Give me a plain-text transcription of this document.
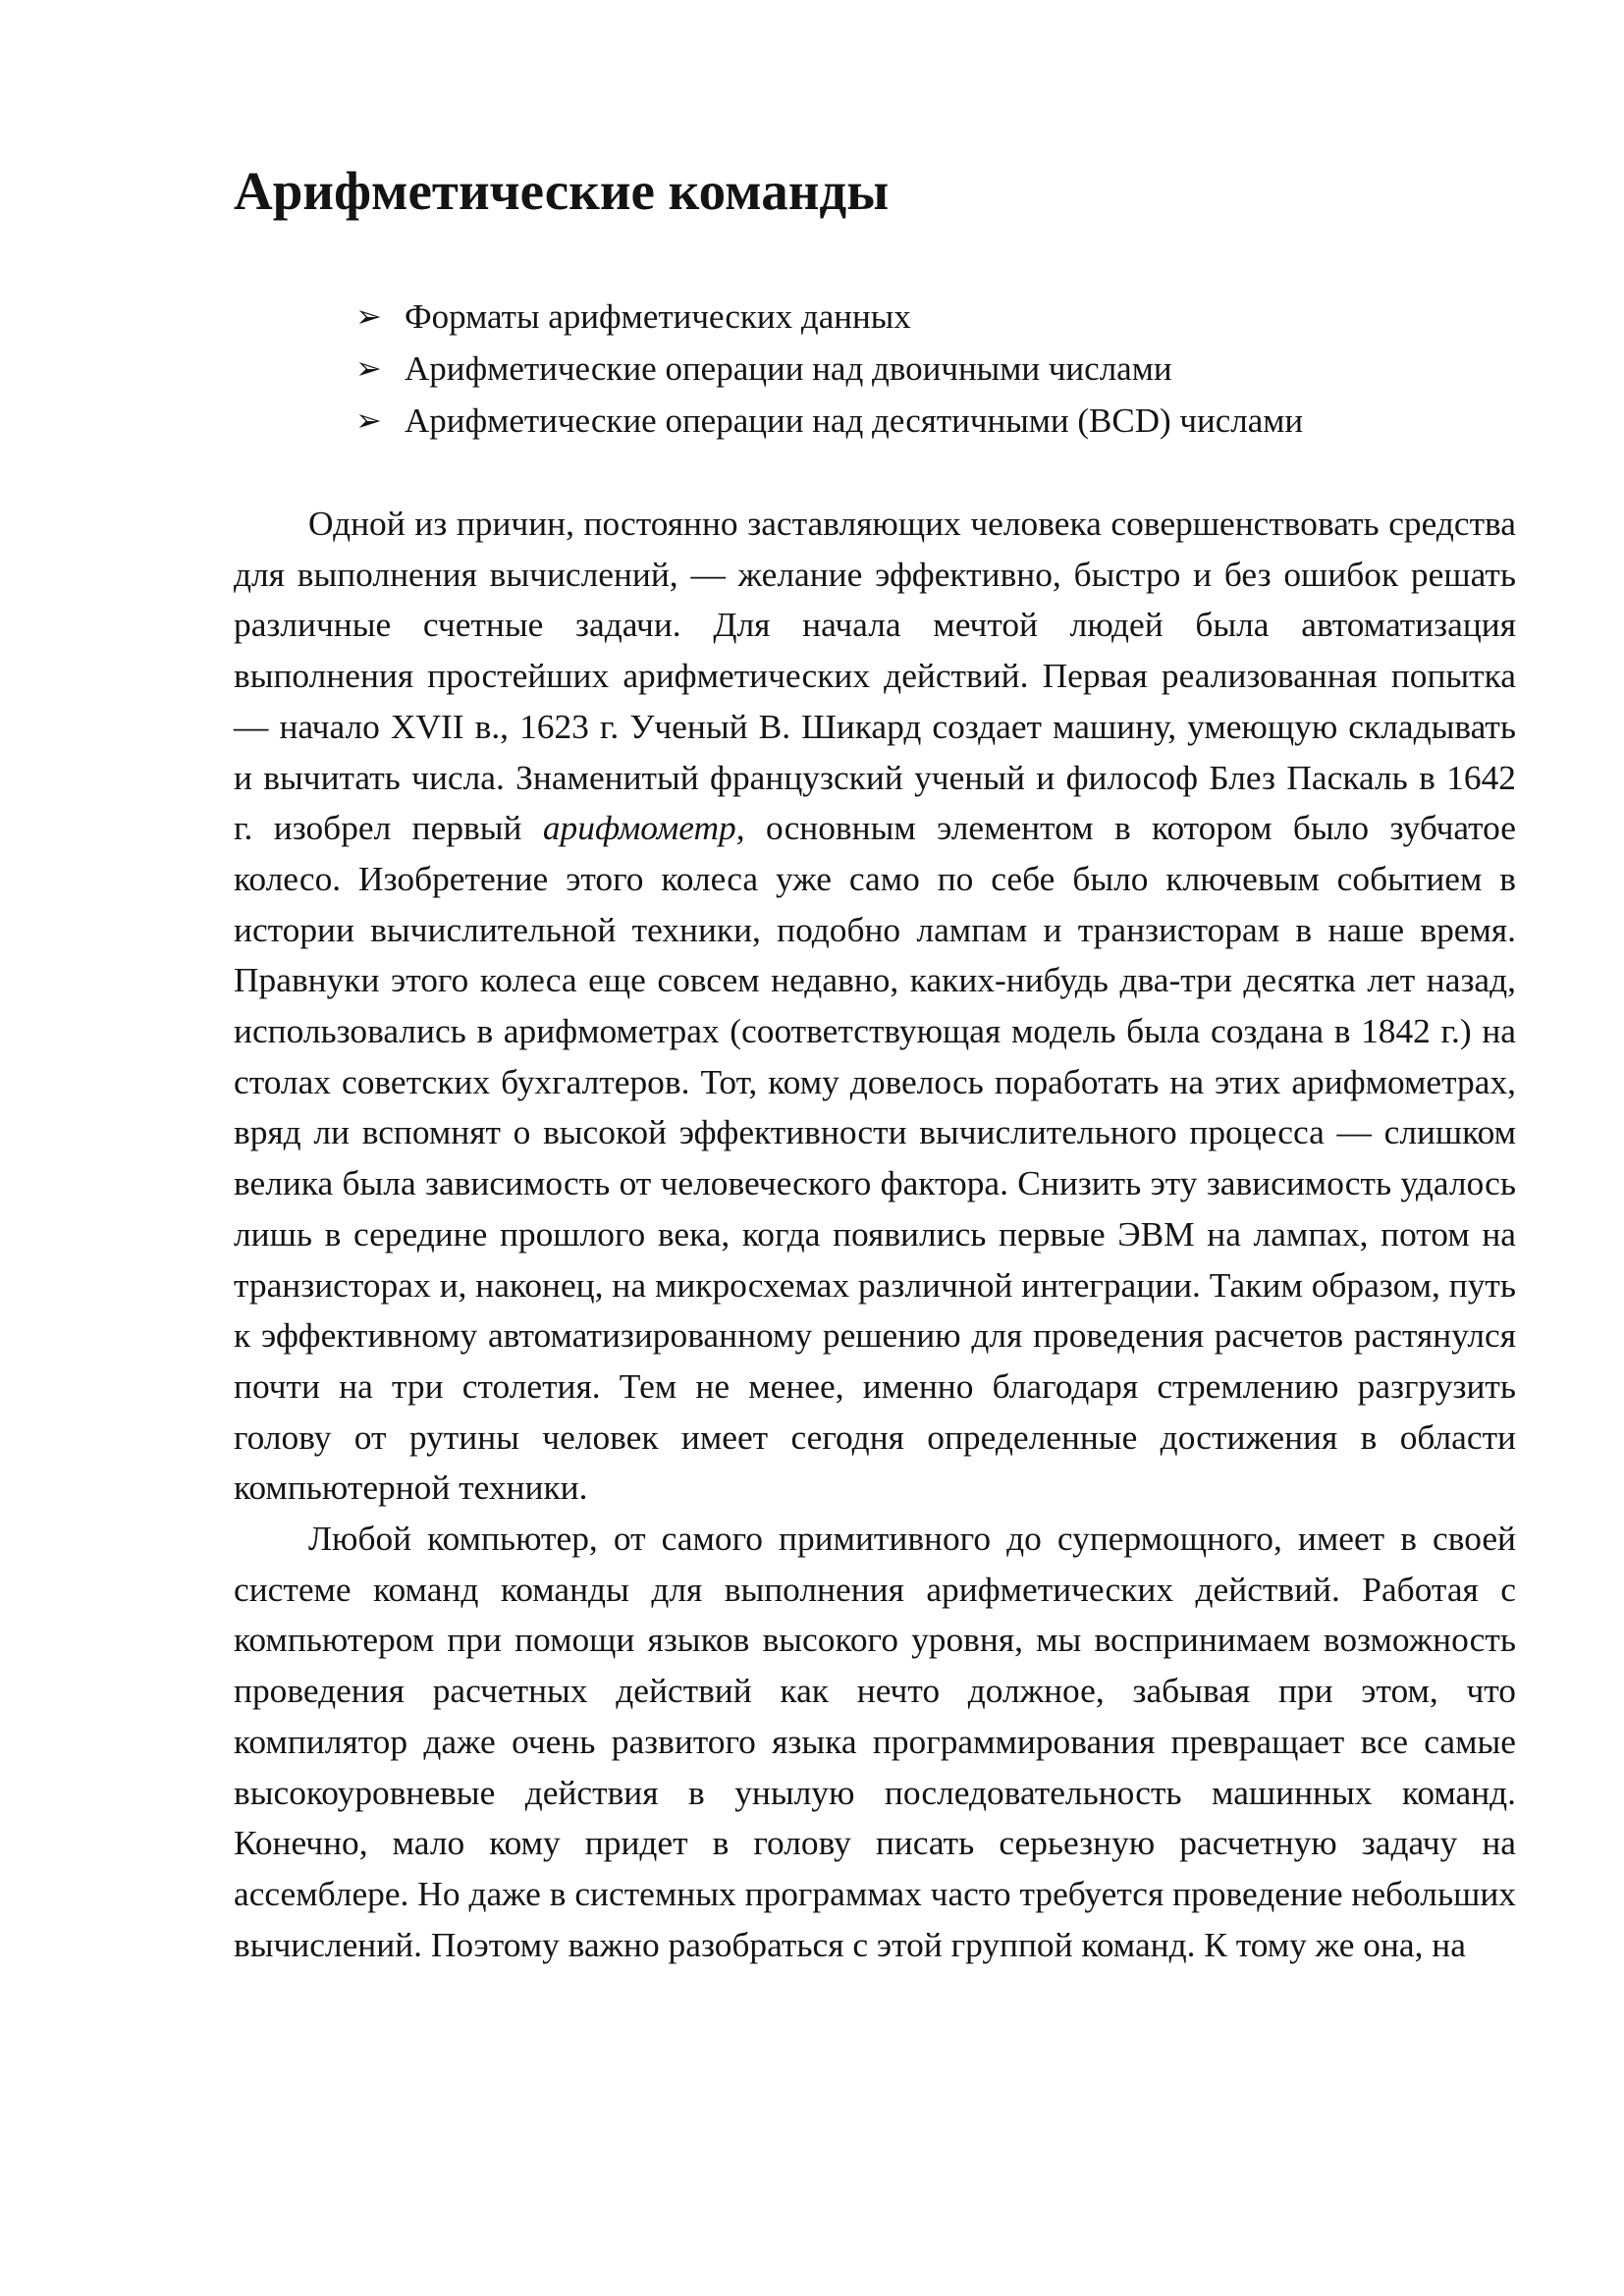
Арифметические команды
➢ Форматы арифметических данных
➢ Арифметические операции над двоичными числами
➢ Арифметические операции над десятичными (BCD) числами

Одной из причин, постоянно заставляющих человека совершенствовать средства для выполнения вычислений, — желание эффективно, быстро и без ошибок решать различные счетные задачи. Для начала мечтой людей была автоматизация выполнения простейших арифметических действий. Первая реализованная попытка — начало XVII в., 1623 г. Ученый В. Шикард создает машину, умеющую складывать и вычитать числа. Знаменитый французский ученый и философ Блез Паскаль в 1642 г. изобрел первый арифмометр, основным элементом в котором было зубчатое колесо. Изобретение этого колеса уже само по себе было ключевым событием в истории вычислительной техники, подобно лампам и транзисторам в наше время. Правнуки этого колеса еще совсем недавно, каких-нибудь два-три десятка лет назад, использовались в арифмометрах (соответствующая модель была создана в 1842 г.) на столах советских бухгалтеров. Тот, кому довелось поработать на этих арифмометрах, вряд ли вспомнят о высокой эффективности вычислительного процесса — слишком велика была зависимость от человеческого фактора. Снизить эту зависимость удалось лишь в середине прошлого века, когда появились первые ЭВМ на лампах, потом на транзисторах и, наконец, на микросхемах различной интеграции. Таким образом, путь к эффективному автоматизированному решению для проведения расчетов растянулся почти на три столетия. Тем не менее, именно благодаря стремлению разгрузить голову от рутины человек имеет сегодня определенные достижения в области компьютерной техники.

Любой компьютер, от самого примитивного до супермощного, имеет в своей системе команд команды для выполнения арифметических действий. Работая с компьютером при помощи языков высокого уровня, мы воспринимаем возможность проведения расчетных действий как нечто должное, забывая при этом, что компилятор даже очень развитого языка программирования превращает все самые высокоуровневые действия в унылую последовательность машинных команд. Конечно, мало кому придет в голову писать серьезную расчетную задачу на ассемблере. Но даже в системных программах часто требуется проведение небольших вычислений. Поэтому важно разобраться с этой группой команд. К тому же она, на
